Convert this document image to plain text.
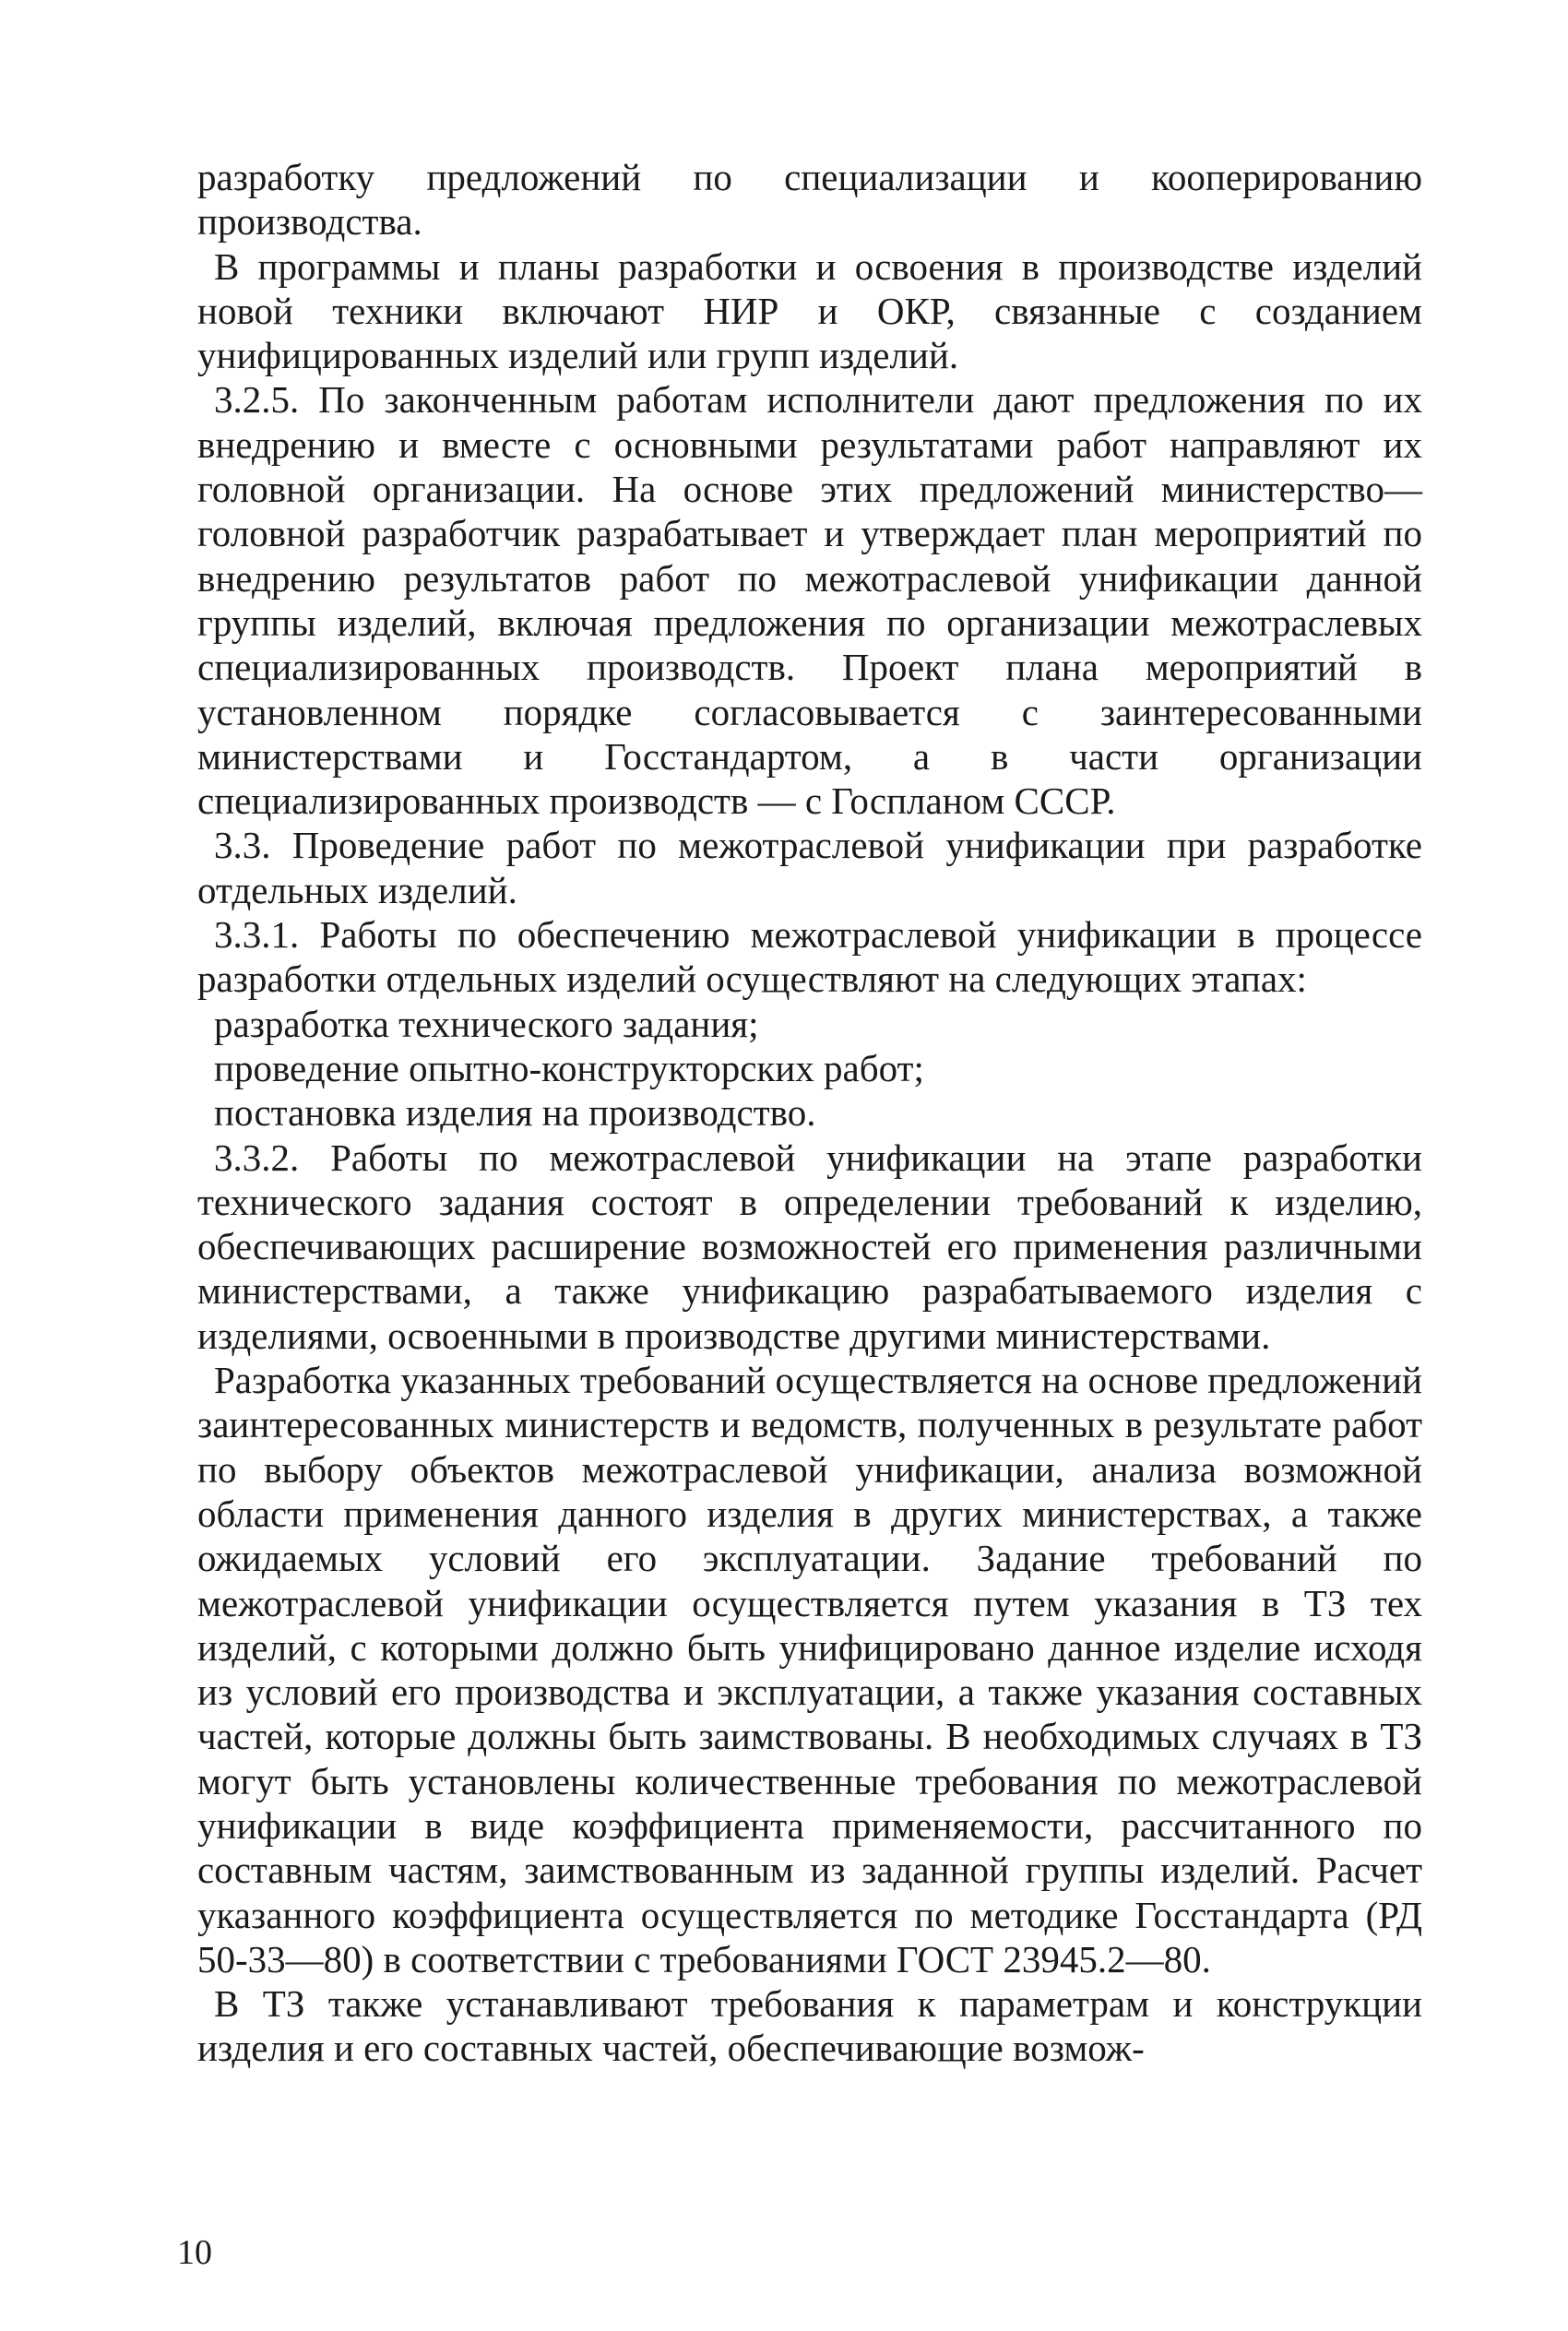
разработку предложений по специализации и кооперированию производства.

В программы и планы разработки и освоения в производстве изделий новой техники включают НИР и ОКР, связанные с созданием унифицированных изделий или групп изделий.

3.2.5. По законченным работам исполнители дают предложения по их внедрению и вместе с основными результатами работ направляют их головной организации. На основе этих предложений министерство—головной разработчик разрабатывает и утверждает план мероприятий по внедрению результатов работ по межотраслевой унификации данной группы изделий, включая предложения по организации межотраслевых специализированных производств. Проект плана мероприятий в установленном порядке согласовывается с заинтересованными министерствами и Госстандартом, а в части организации специализированных производств — с Госпланом СССР.

3.3. Проведение работ по межотраслевой унификации при разработке отдельных изделий.

3.3.1. Работы по обеспечению межотраслевой унификации в процессе разработки отдельных изделий осуществляют на следующих этапах:

разработка технического задания;

проведение опытно-конструкторских работ;

постановка изделия на производство.

3.3.2. Работы по межотраслевой унификации на этапе разработки технического задания состоят в определении требований к изделию, обеспечивающих расширение возможностей его применения различными министерствами, а также унификацию разрабатываемого изделия с изделиями, освоенными в производстве другими министерствами.

Разработка указанных требований осуществляется на основе предложений заинтересованных министерств и ведомств, полученных в результате работ по выбору объектов межотраслевой унификации, анализа возможной области применения данного изделия в других министерствах, а также ожидаемых условий его эксплуатации. Задание требований по межотраслевой унификации осуществляется путем указания в ТЗ тех изделий, с которыми должно быть унифицировано данное изделие исходя из условий его производства и эксплуатации, а также указания составных частей, которые должны быть заимствованы. В необходимых случаях в ТЗ могут быть установлены количественные требования по межотраслевой унификации в виде коэффициента применяемости, рассчитанного по составным частям, заимствованным из заданной группы изделий. Расчет указанного коэффициента осуществляется по методике Госстандарта (РД 50-33—80) в соответствии с требованиями ГОСТ 23945.2—80.

В ТЗ также устанавливают требования к параметрам и конструкции изделия и его составных частей, обеспечивающие возмож-

10
